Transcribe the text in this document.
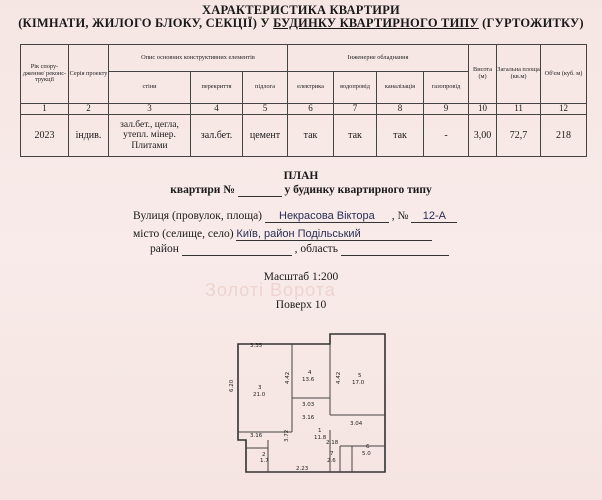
ХАРАКТЕРИСТИКА КВАРТИРИ
(КІМНАТИ, ЖИЛОГО БЛОКУ, СЕКЦІЇ) У БУДИНКУ КВАРТИРНОГО ТИПУ (ГУРТОЖИТКУ)
Рік спору-дження/ реконс-трукції	Серія проекту	Опис основних конструктивних елементів			Інженерне обладнання				Висота (м)	Загальна площа (кв.м)	Об'єм (куб. м)
		стіни	перекриття	підлога	електрика	водопровід	каналізація	газопровід			
1	2	3	4	5	6	7	8	9	10	11	12
2023	індив.	зал.бет., цегла, утепл. мінер. Плитами	зал.бет.	цемент	так	так	так	-	3,00	72,7	218
ПЛАН
квартири №	у будинку квартирного типу
Вулиця (провулок, площа) Некрасова Віктора , № 12-А
місто (селище, село) Київ, район Подільський
район	, область
Золоті Ворота
Масштаб 1:200
Поверх 10
1
11.8
2
1.7
3
21.0
4
13.6
5
17.0
6
5.0
7
2.6
3.35
6.20
4.42	4.42
3.03
3.16
3.04
3.16	3.72
2.18
2.23
